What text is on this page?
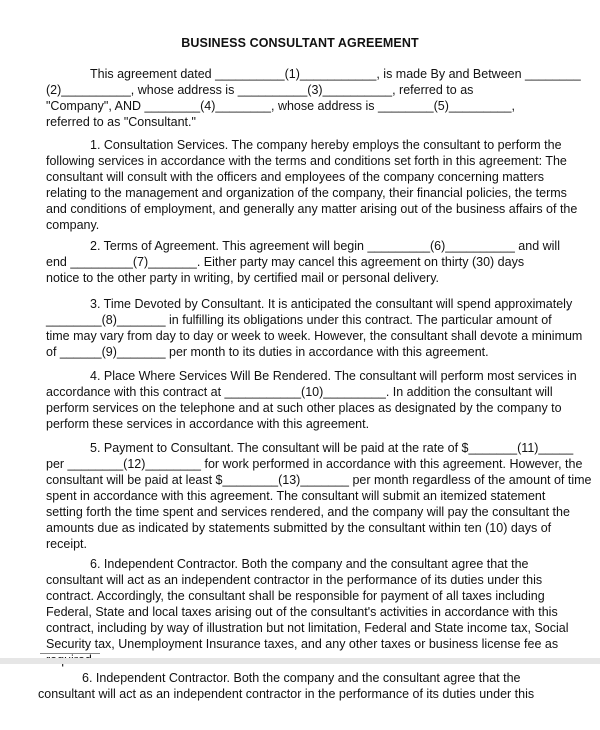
BUSINESS CONSULTANT AGREEMENT
This agreement dated __________(1)___________, is made By and Between ________
(2)__________, whose address is __________(3)__________, referred to as
"Company", AND ________(4)________, whose address is ________(5)_________,
referred to as "Consultant."
1. Consultation Services. The company hereby employs the consultant to perform the
following services in accordance with the terms and conditions set forth in this agreement: The
consultant will consult with the officers and employees of the company concerning matters
relating to the management and organization of the company, their financial policies, the terms
and conditions of employment, and generally any matter arising out of the business affairs of the
company.
2. Terms of Agreement. This agreement will begin _________(6)__________ and will
end _________(7)_______. Either party may cancel this agreement on thirty (30) days
notice to the other party in writing, by certified mail or personal delivery.
3. Time Devoted by Consultant. It is anticipated the consultant will spend approximately
________(8)_______ in fulfilling its obligations under this contract. The particular amount of
time may vary from day to day or week to week. However, the consultant shall devote a minimum
of ______(9)_______ per month to its duties in accordance with this agreement.
4. Place Where Services Will Be Rendered. The consultant will perform most services in
accordance with this contract at ___________(10)_________. In addition the consultant will
perform services on the telephone and at such other places as designated by the company to
perform these services in accordance with this agreement.
5. Payment to Consultant. The consultant will be paid at the rate of $_______(11)_____
per ________(12)________ for work performed in accordance with this agreement. However, the
consultant will be paid at least $________(13)_______ per month regardless of the amount of time
spent in accordance with this agreement. The consultant will submit an itemized statement
setting forth the time spent and services rendered, and the company will pay the consultant the
amounts due as indicated by statements submitted by the consultant within ten (10) days of
receipt.
6. Independent Contractor. Both the company and the consultant agree that the
consultant will act as an independent contractor in the performance of its duties under this
contract. Accordingly, the consultant shall be responsible for payment of all taxes including
Federal, State and local taxes arising out of the consultant's activities in accordance with this
contract, including by way of illustration but not limitation, Federal and State income tax, Social
Security tax, Unemployment Insurance taxes, and any other taxes or business license fee as
6. Independent Contractor. Both the company and the consultant agree that the
consultant will act as an independent contractor in the performance of its duties under this
